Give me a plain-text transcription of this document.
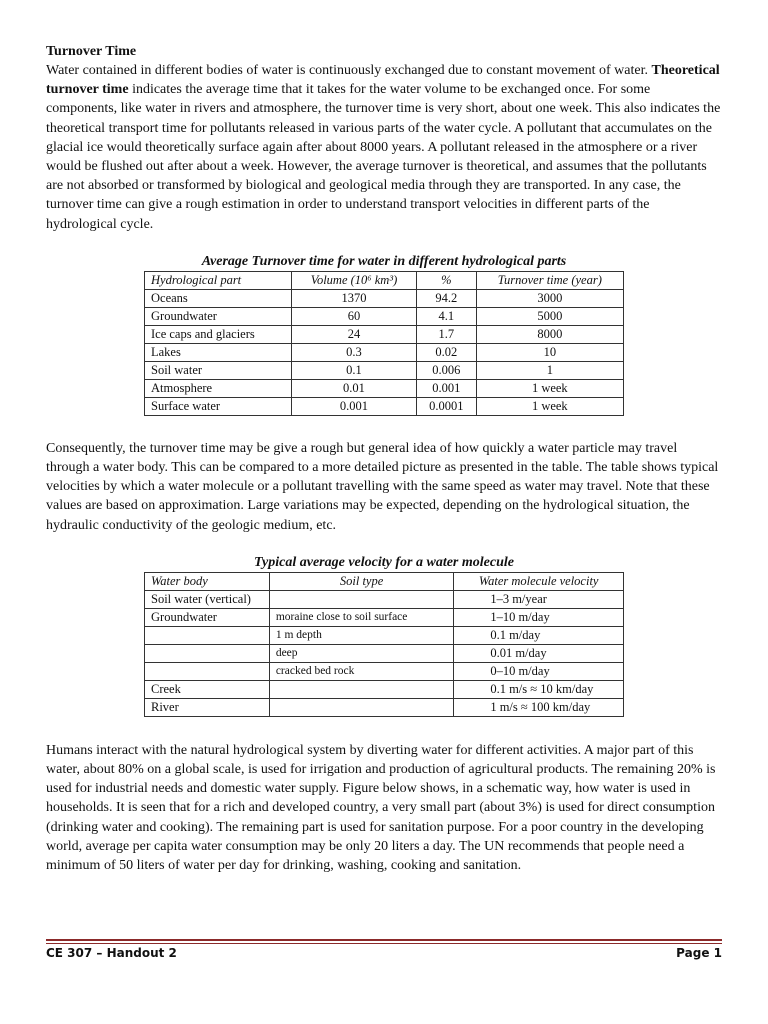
Turnover Time

Water contained in different bodies of water is continuously exchanged due to constant movement of water. Theoretical turnover time indicates the average time that it takes for the water volume to be exchanged once. For some components, like water in rivers and atmosphere, the turnover time is very short, about one week. This also indicates the theoretical transport time for pollutants released in various parts of the water cycle. A pollutant that accumulates on the glacial ice would theoretically surface again after about 8000 years. A pollutant released in the atmosphere or a river would be flushed out after about a week. However, the average turnover is theoretical, and assumes that the pollutants are not absorbed or transformed by biological and geological media through they are transported. In any case, the turnover time can give a rough estimation in order to understand transport velocities in different parts of the hydrological cycle.

Average Turnover time for water in different hydrological parts

Hydrological part	Volume (10⁶ km³)	%	Turnover time (year)
Oceans	1370	94.2	3000
Groundwater	60	4.1	5000
Ice caps and glaciers	24	1.7	8000
Lakes	0.3	0.02	10
Soil water	0.1	0.006	1
Atmosphere	0.01	0.001	1 week
Surface water	0.001	0.0001	1 week

Consequently, the turnover time may be give a rough but general idea of how quickly a water particle may travel through a water body. This can be compared to a more detailed picture as presented in the table. The table shows typical velocities by which a water molecule or a pollutant travelling with the same speed as water may travel. Note that these values are based on approximation. Large variations may be expected, depending on the hydrological situation, the hydraulic conductivity of the geologic medium, etc.

Typical average velocity for a water molecule

Water body	Soil type	Water molecule velocity
Soil water (vertical)		1–3 m/year
Groundwater	moraine close to soil surface	1–10 m/day
	1 m depth	0.1 m/day
	deep	0.01 m/day
	cracked bed rock	0–10 m/day
Creek		0.1 m/s ≈ 10 km/day
River		1 m/s ≈ 100 km/day

Humans interact with the natural hydrological system by diverting water for different activities. A major part of this water, about 80% on a global scale, is used for irrigation and production of agricultural products. The remaining 20% is used for industrial needs and domestic water supply. Figure below shows, in a schematic way, how water is used in households. It is seen that for a rich and developed country, a very small part (about 3%) is used for direct consumption (drinking water and cooking). The remaining part is used for sanitation purpose. For a poor country in the developing world, average per capita water consumption may be only 20 liters a day. The UN recommends that people need a minimum of 50 liters of water per day for drinking, washing, cooking and sanitation.

CE 307 – Handout 2	Page 1
